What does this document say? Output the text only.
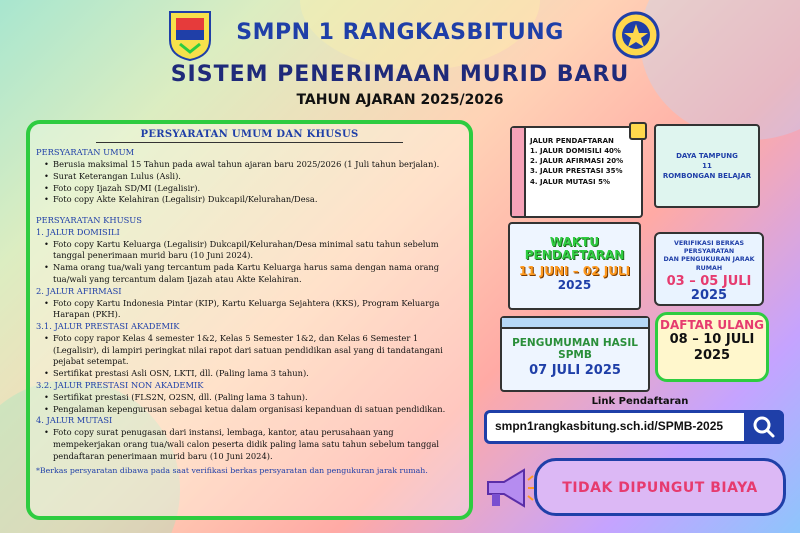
SMPN 1 RANGKASBITUNG
SISTEM PENERIMAAN MURID BARU
TAHUN AJARAN 2025/2026
PERSYARATAN UMUM DAN KHUSUS
PERSYARATAN UMUM
• Berusia maksimal 15 Tahun pada awal tahun ajaran baru 2025/2026 (1 Juli tahun berjalan).
• Surat Keterangan Lulus (Asli).
• Foto copy Ijazah SD/MI (Legalisir).
• Foto copy Akte Kelahiran (Legalisir) Dukcapil/Kelurahan/Desa.
PERSYARATAN KHUSUS
1. JALUR DOMISILI
• Foto copy Kartu Keluarga (Legalisir) Dukcapil/Kelurahan/Desa minimal satu tahun sebelum tanggal penerimaan murid baru (10 Juni 2024).
• Nama orang tua/wali yang tercantum pada Kartu Keluarga harus sama dengan nama orang tua/wali yang tercantum dalam Ijazah atau Akte Kelahiran.
2. JALUR AFIRMASI
• Foto copy Kartu Indonesia Pintar (KIP), Kartu Keluarga Sejahtera (KKS), Program Keluarga Harapan (PKH).
3.1. JALUR PRESTASI AKADEMIK
• Foto copy rapor Kelas 4 semester 1&2, Kelas 5 Semester 1&2, dan Kelas 6 Semester 1 (Legalisir), di lampiri peringkat nilai rapot dari satuan pendidikan asal yang di tandatangani pejabat setempat.
• Sertifikat prestasi Asli OSN, LKTI, dll. (Paling lama 3 tahun).
3.2. JALUR PRESTASI NON AKADEMIK
• Sertifikat prestasi (FLS2N, O2SN, dll. (Paling lama 3 tahun).
• Pengalaman kepengurusan sebagai ketua dalam organisasi kepanduan di satuan pendidikan.
4. JALUR MUTASI
• Foto copy surat penugasan dari instansi, lembaga, kantor, atau perusahaan yang mempekerjakan orang tua/wali calon peserta didik paling lama satu tahun sebelum tanggal pendaftaran penerimaan murid baru (10 Juni 2024).
*Berkas persyaratan dibawa pada saat verifikasi berkas persyaratan dan pengukuran jarak rumah.
JALUR PENDAFTARAN
1. JALUR DOMISILI 40%
2. JALUR AFIRMASI 20%
3. JALUR PRESTASI 35%
4. JALUR MUTASI 5%
DAYA TAMPUNG
11
ROMBONGAN BELAJAR
WAKTU
PENDAFTARAN
11 JUNI – 02 JULI
2025
VERIFIKASI BERKAS
PERSYARATAN
DAN PENGUKURAN JARAK
RUMAH
03 – 05 JULI
2025
PENGUMUMAN HASIL
SPMB
07 JULI 2025
DAFTAR ULANG
08 – 10 JULI
2025
Link Pendaftaran
smpn1rangkasbitung.sch.id/SPMB-2025
TIDAK DIPUNGUT BIAYA
